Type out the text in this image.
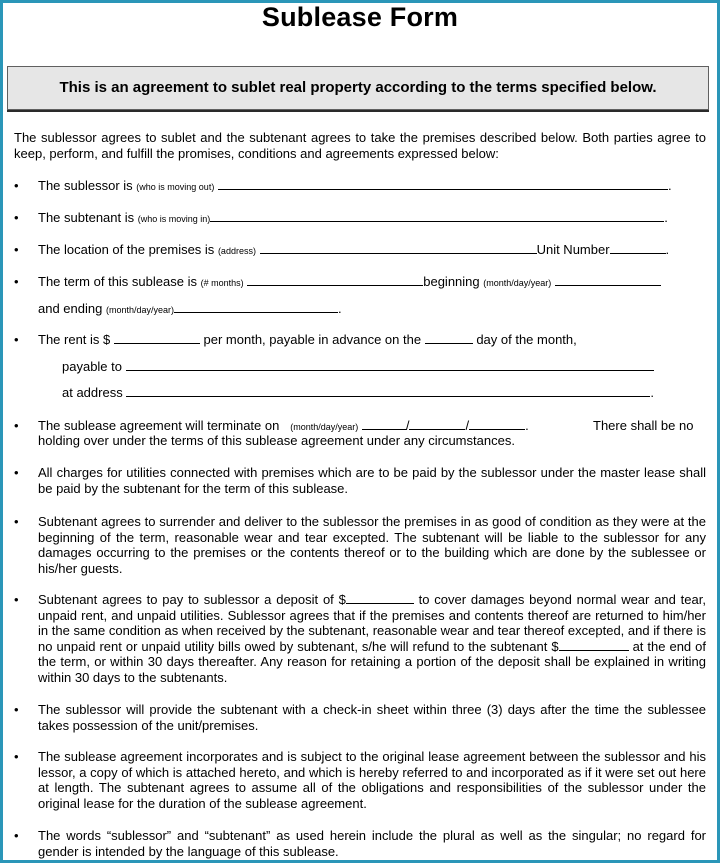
Sublease Form
This is an agreement to sublet real property according to the terms specified below.
The sublessor agrees to sublet and the subtenant agrees to take the premises described below. Both parties agree to keep, perform, and fulfill the promises, conditions and agreements expressed below:
• The sublessor is (who is moving out)	.
• The subtenant is (who is moving in)	.
• The location of the premises is (address)	Unit Number	.
• The term of this sublease is (# months)	beginning (month/day/year)
and ending (month/day/year)	.
• The rent is $	per month, payable in advance on the	day of the month,
payable to
at address	.
• The sublease agreement will terminate on (month/day/year)	/	/	.	There shall be no
holding over under the terms of this sublease agreement under any circumstances.
• All charges for utilities connected with premises which are to be paid by the sublessor under the master lease shall be paid by the subtenant for the term of this sublease.
• Subtenant agrees to surrender and deliver to the sublessor the premises in as good of condition as they were at the beginning of the term, reasonable wear and tear excepted. The subtenant will be liable to the sublessor for any damages occurring to the premises or the contents thereof or to the building which are done by the sublessee or his/her guests.
• Subtenant agrees to pay to sublessor a deposit of $	to cover damages beyond normal wear and tear, unpaid rent, and unpaid utilities. Sublessor agrees that if the premises and contents thereof are returned to him/her in the same condition as when received by the subtenant, reasonable wear and tear thereof excepted, and if there is no unpaid rent or unpaid utility bills owed by subtenant, s/he will refund to the subtenant $	at the end of the term, or within 30 days thereafter. Any reason for retaining a portion of the deposit shall be explained in writing within 30 days to the subtenants.
• The sublessor will provide the subtenant with a check-in sheet within three (3) days after the time the sublessee takes possession of the unit/premises.
• The sublease agreement incorporates and is subject to the original lease agreement between the sublessor and his lessor, a copy of which is attached hereto, and which is hereby referred to and incorporated as if it were set out here at length. The subtenant agrees to assume all of the obligations and responsibilities of the sublessor under the original lease for the duration of the sublease agreement.
• The words “sublessor” and “subtenant” as used herein include the plural as well as the singular; no regard for gender is intended by the language of this sublease.
